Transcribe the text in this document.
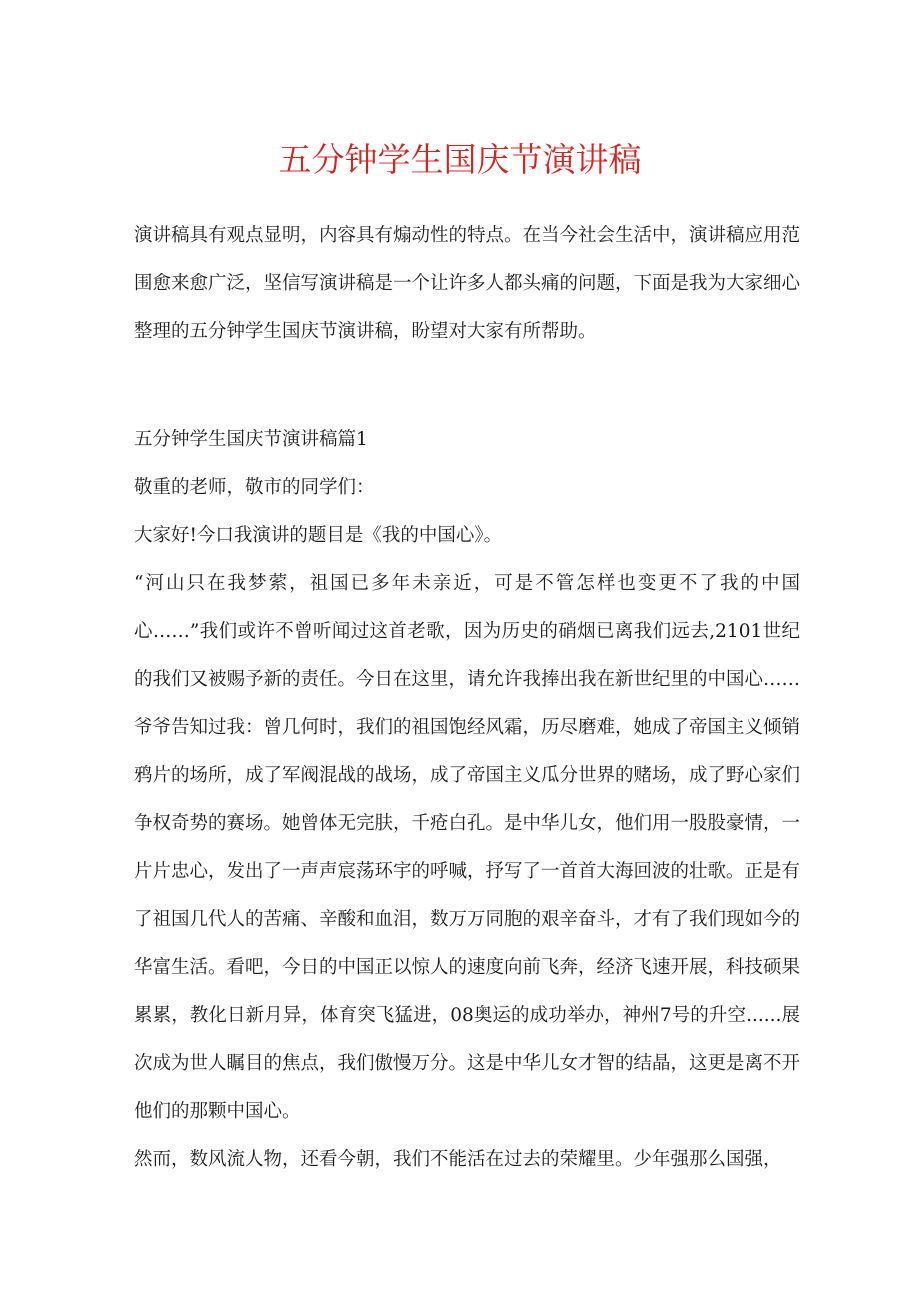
五分钟学生国庆节演讲稿

演讲稿具有观点显明，内容具有煽动性的特点。在当今社会生活中，演讲稿应用范围愈来愈广泛，坚信写演讲稿是一个让许多人都头痛的问题，下面是我为大家细心整理的五分钟学生国庆节演讲稿，盼望对大家有所帮助。

五分钟学生国庆节演讲稿篇1

敬重的老师，敬市的同学们：

大家好!今口我演讲的题目是《我的中国心》。

“河山只在我梦萦，祖国已多年未亲近，可是不管怎样也变更不了我的中国心……”我们或许不曾听闻过这首老歌，因为历史的硝烟已离我们远去,2101世纪的我们又被赐予新的责任。今日在这里，请允许我捧出我在新世纪里的中国心……

爷爷告知过我：曾几何时，我们的祖国饱经风霜，历尽磨难，她成了帝国主义倾销鸦片的场所，成了军阀混战的战场，成了帝国主义瓜分世界的赌场，成了野心家们争权奇势的赛场。她曾体无完肤，千疮白孔。是中华儿女，他们用一股股豪情，一片片忠心，发出了一声声宸荡环宇的呼喊，抒写了一首首大海回波的壮歌。正是有了祖国几代人的苦痛、辛酸和血泪，数万万同胞的艰辛奋斗，才有了我们现如今的华富生活。看吧，今日的中国正以惊人的速度向前飞奔，经济飞速开展，科技硕果累累，教化日新月异，体育突飞猛进，08奥运的成功举办，神州7号的升空......展次成为世人瞩目的焦点，我们傲慢万分。这是中华儿女才智的结晶，这更是离不开他们的那颗中国心。

然而，数风流人物，还看今朝，我们不能活在过去的荣耀里。少年强那么国强，
